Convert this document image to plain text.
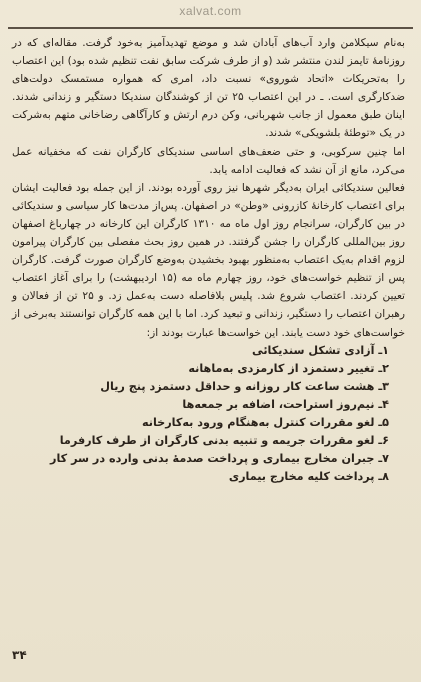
xalvat.com

به‌نام سیکلامن وارد آب‌های آبادان شد و موضع تهدیدآمیز به‌خود گرفت. مقاله‌ای که در روزنامهٔ تایمز لندن منتشر شد (و از طرف شرکت سابق نفت تنظیم شده بود) این اعتصاب را به‌تحریکات «اتحاد شوروی» نسبت داد، امری که همواره مستمسک دولت‌های ضدکارگری است. ـ در این اعتصاب ۲۵ تن از کوشندگان سندیکا دستگیر و زندانی شدند. اینان طبق معمول از جانب شهربانی، وکن درم ارتش و کارآگاهی رضاخانی متهم به‌شرکت در یک «توطئهٔ بلشویکی» شدند.

اما چنین سرکوبی، و حتی ضعف‌های اساسی سندیکای کارگران نفت که مخفیانه عمل می‌کرد، مانع از آن نشد که فعالیت ادامه یابد.

فعالین سندیکائی ایران به‌دیگر شهرها نیز روی آورده بودند. از این جمله بود فعالیت ایشان برای اعتصاب کارخانهٔ کازرونی «وطن» در اصفهان. پس‌از مدت‌ها کار سیاسی و سندیکائی در بین کارگران، سرانجام روز اول ماه مه ۱۳۱۰ کارگران این کارخانه در چهارباغ اصفهان روز بین‌المللی کارگران را جشن گرفتند. در همین روز بحث مفصلی بین کارگران پیرامون لزوم اقدام به‌یک اعتصاب به‌منظور بهبود بخشیدن به‌وضع کارگران صورت گرفت. کارگران پس از تنظیم خواست‌های خود، روز چهارم ماه مه (۱۵ اردیبهشت) را برای آغاز اعتصاب تعیین کردند. اعتصاب شروع شد. پلیس بلافاصله دست به‌عمل زد. و ۲۵ تن از فعالان و رهبران اعتصاب را دستگیر، زندانی و تبعید کرد. اما با این همه کارگران توانستند به‌برخی از خواست‌های خود دست یابند. این خواست‌ها عبارت بودند از:

۱ـ آزادی تشکل سندیکائی
۲ـ تغییر دستمزد از کارمزدی به‌ماهانه
۳ـ هشت ساعت کار روزانه و حداقل دستمزد پنج ریال
۴ـ نیم‌روز استراحت، اضافه بر جمعه‌ها
۵ـ لغو مقررات کنترل به‌هنگام ورود به‌کارخانه
۶ـ لغو مقررات جریمه و تنبیه بدنی کارگران از طرف کارفرما
۷ـ جبران مخارج بیماری و پرداخت صدمهٔ بدنی وارده در سر کار
۸ـ پرداخت کلیه مخارج بیماری
۳۴
